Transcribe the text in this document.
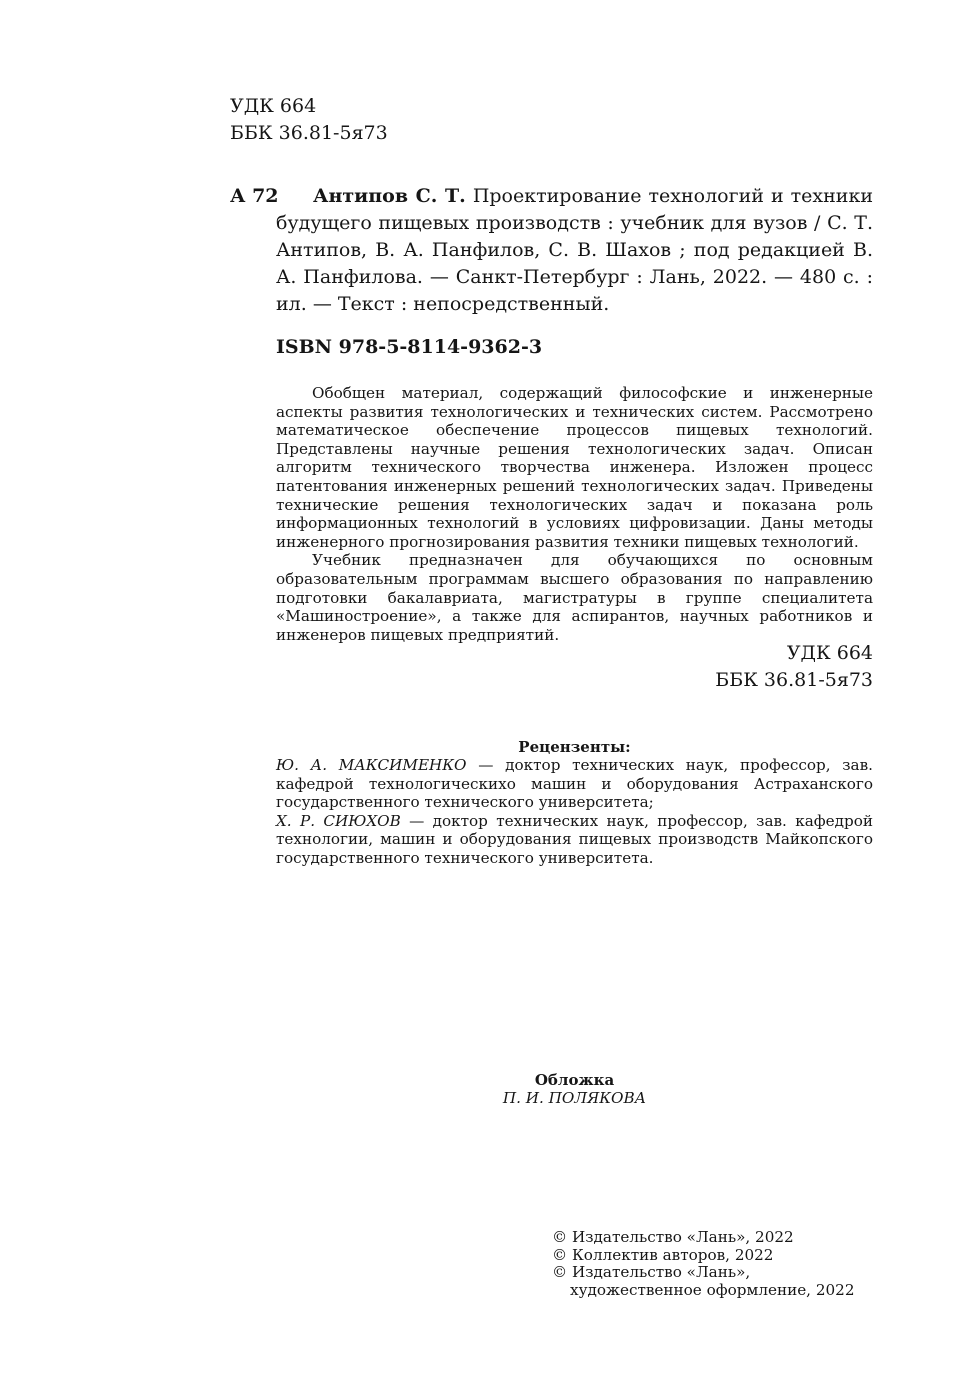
УДК 664
ББК 36.81-5я73
А 72	Антипов С. Т. Проектирование технологий и техники будущего пищевых производств : учебник для вузов / С. Т. Антипов, В. А. Панфилов, С. В. Шахов ; под редакцией В. А. Панфилова. — Санкт-Петербург : Лань, 2022. — 480 с. : ил. — Текст : непосредственный.
ISBN 978-5-8114-9362-3

Обобщен материал, содержащий философские и инженерные аспекты развития технологических и технических систем. Рассмотрено математическое обеспечение процессов пищевых технологий. Представлены научные решения технологических задач. Описан алгоритм технического творчества инженера. Изложен процесс патентования инженерных решений технологических задач. Приведены технические решения технологических задач и показана роль информационных технологий в условиях цифровизации. Даны методы инженерного прогнозирования развития техники пищевых технологий.

Учебник предназначен для обучающихся по основным образовательным программам высшего образования по направлению подготовки бакалавриата, магистратуры в группе специалитета «Машиностроение», а также для аспирантов, научных работников и инженеров пищевых предприятий.

УДК 664
ББК 36.81-5я73
Рецензенты:

Ю. А. МАКСИМЕНКО — доктор технических наук, профессор, зав. кафедрой технологическихо машин и оборудования Астраханского государственного технического университета;

Х. Р. СИЮХОВ — доктор технических наук, профессор, зав. кафедрой технологии, машин и оборудования пищевых производств Майкопского государственного технического университета.

Обложка
П. И. ПОЛЯКОВА
© Издательство «Лань», 2022
© Коллектив авторов, 2022
© Издательство «Лань»,
художественное оформление, 2022
